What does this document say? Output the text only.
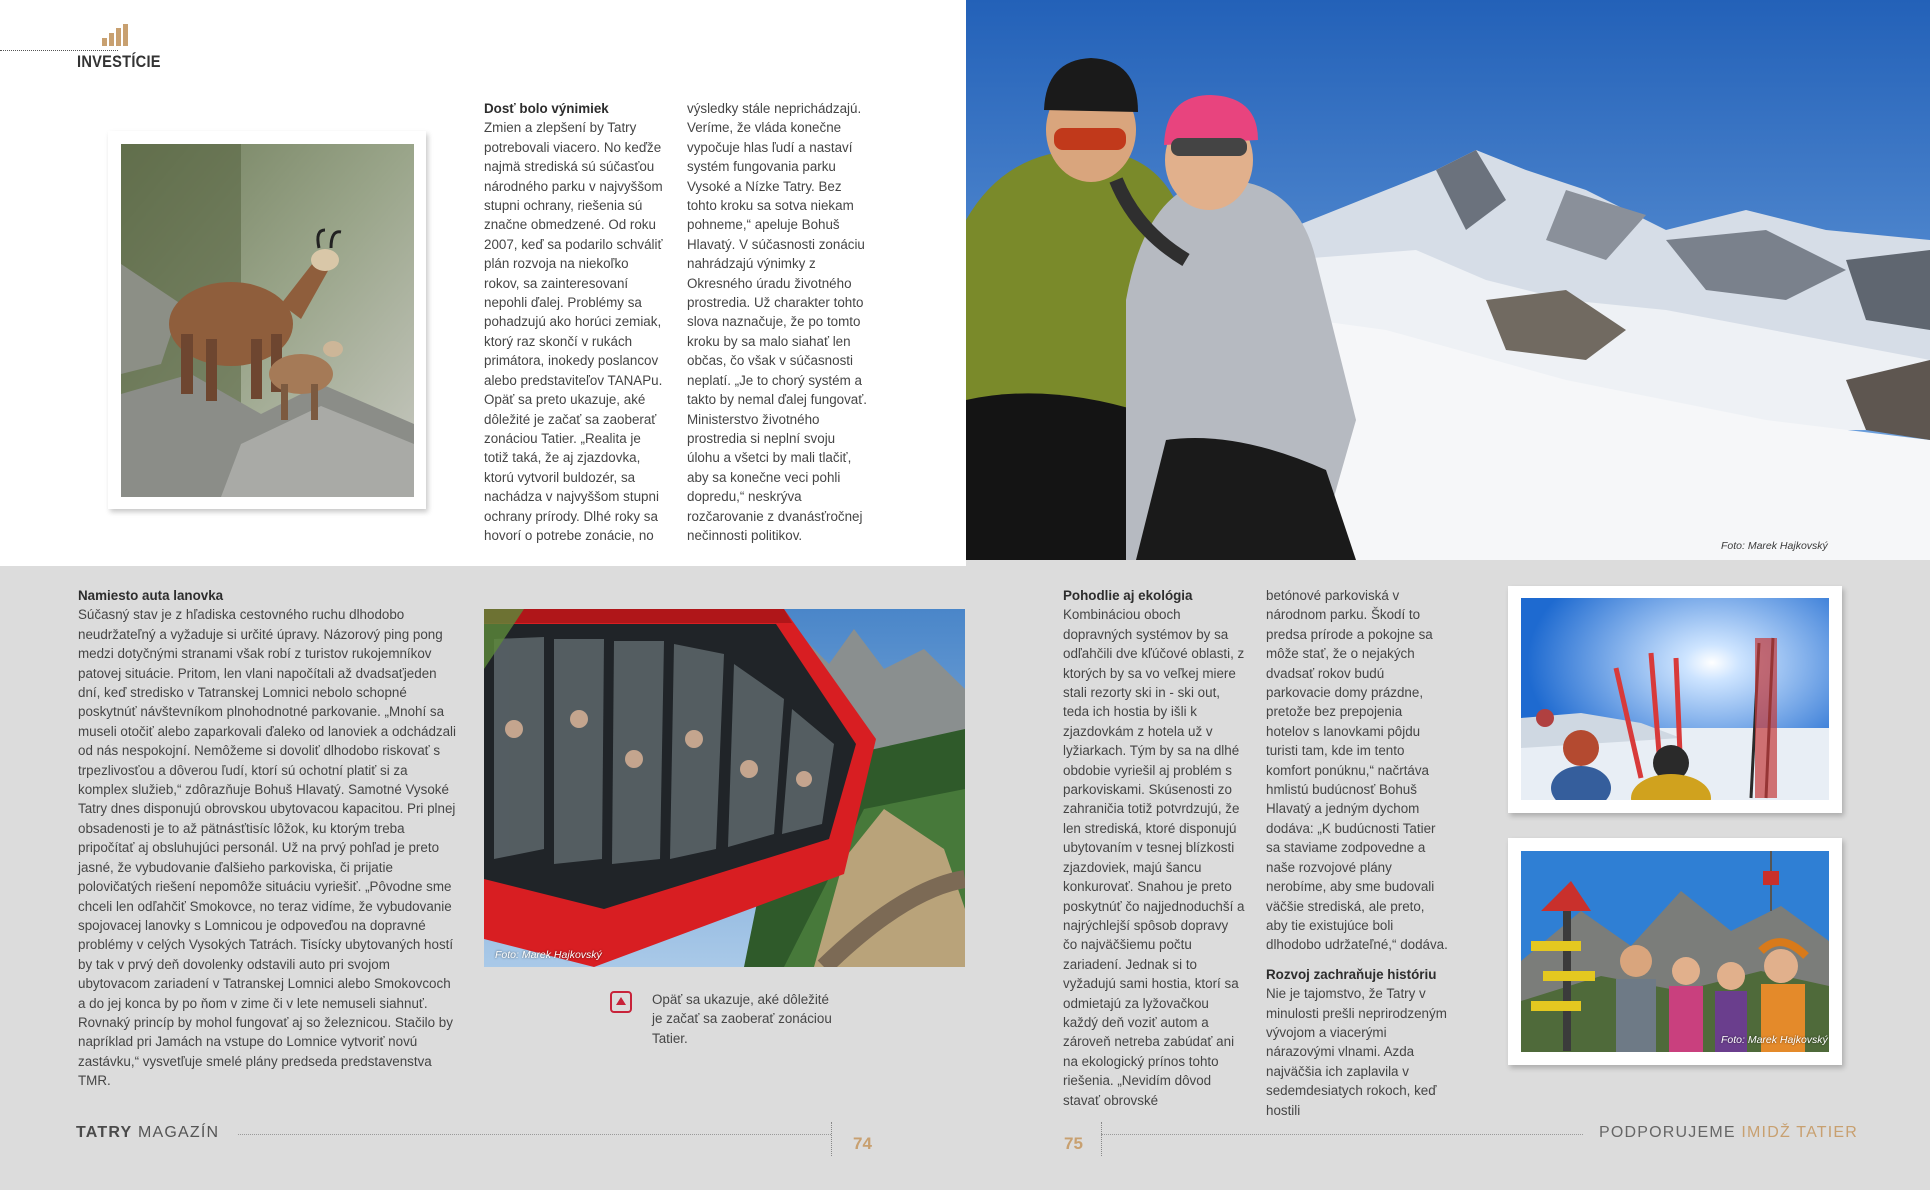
INVESTÍCIE

Dosť bolo výnimiek

Zmien a zlepšení by Tatry potrebovali viacero. No keďže najmä strediská sú súčasťou národného parku v najvyššom stupni ochrany, riešenia sú značne obmedzené. Od roku 2007, keď sa podarilo schváliť plán rozvoja na niekoľko rokov, sa zainteresovaní nepohli ďalej. Problémy sa pohadzujú ako horúci zemiak, ktorý raz skončí v rukách primátora, inokedy poslancov alebo predstaviteľov TANAPu. Opäť sa preto ukazuje, aké dôležité je začať sa zaoberať zonáciou Tatier. „Realita je totiž taká, že aj zjazdovka, ktorú vytvoril buldozér, sa nachádza v najvyššom stupni ochrany prírody. Dlhé roky sa hovorí o potrebe zonácie, no

výsledky stále neprichádzajú. Veríme, že vláda konečne vypočuje hlas ľudí a nastaví systém fungovania parku Vysoké a Nízke Tatry. Bez tohto kroku sa sotva niekam pohneme,“ apeluje Bohuš Hlavatý. V súčasnosti zonáciu nahrádzajú výnimky z Okresného úradu životného prostredia. Už charakter tohto slova naznačuje, že po tomto kroku by sa malo siahať len občas, čo však v súčasnosti neplatí. „Je to chorý systém a takto by nemal ďalej fungovať. Ministerstvo životného prostredia si neplní svoju úlohu a všetci by mali tlačiť, aby sa konečne veci pohli dopredu,“ neskrýva rozčarovanie z dvanásťročnej nečinnosti politikov.

Foto: Marek Hajkovský

Namiesto auta lanovka

Súčasný stav je z hľadiska cestovného ruchu dlhodobo neudržateľný a vyžaduje si určité úpravy. Názorový ping pong medzi dotyčnými stranami však robí z turistov rukojemníkov patovej situácie. Pritom, len vlani napočítali až dvadsaťjeden dní, keď stredisko v Tatranskej Lomnici nebolo schopné poskytnúť návštevníkom plnohodnotné parkovanie. „Mnohí sa museli otočiť alebo zaparkovali ďaleko od lanoviek a odchádzali od nás nespokojní. Nemôžeme si dovoliť dlhodobo riskovať s trpezlivosťou a dôverou ľudí, ktorí sú ochotní platiť si za komplex služieb,“ zdôrazňuje Bohuš Hlavatý. Samotné Vysoké Tatry dnes disponujú obrovskou ubytovacou kapacitou. Pri plnej obsadenosti je to až pätnásťtisíc lôžok, ku ktorým treba pripočítať aj obsluhujúci personál. Už na prvý pohľad je preto jasné, že vybudovanie ďalšieho parkoviska, či prijatie polovičatých riešení nepomôže situáciu vyriešiť. „Pôvodne sme chceli len odľahčiť Smokovce, no teraz vidíme, že vybudovanie spojovacej lanovky s Lomnicou je odpoveďou na dopravné problémy v celých Vysokých Tatrách. Tisícky ubytovaných hostí by tak v prvý deň dovolenky odstavili auto pri svojom ubytovacom zariadení v Tatranskej Lomnici alebo Smokovcoch a do jej konca by po ňom v zime či v lete nemuseli siahnuť. Rovnaký princíp by mohol fungovať aj so železnicou. Stačilo by napríklad pri Jamách na vstupe do Lomnice vytvoriť novú zastávku,“ vysvetľuje smelé plány predseda predstavenstva TMR.

Foto: Marek Hajkovský

Opäť sa ukazuje, aké dôležité je začať sa zaoberať zonáciou Tatier.

Pohodlie aj ekológia

Kombináciou oboch dopravných systémov by sa odľahčili dve kľúčové oblasti, z ktorých by sa vo veľkej miere stali rezorty ski in - ski out, teda ich hostia by išli k zjazdovkám z hotela už v lyžiarkach. Tým by sa na dlhé obdobie vyriešil aj problém s parkoviskami. Skúsenosti zo zahraničia totiž potvrdzujú, že len strediská, ktoré disponujú ubytovaním v tesnej blízkosti zjazdoviek, majú šancu konkurovať. Snahou je preto poskytnúť čo najjednoduchší a najrýchlejší spôsob dopravy čo najväčšiemu počtu zariadení. Jednak si to vyžadujú sami hostia, ktorí sa odmietajú za lyžovačkou každý deň voziť autom a zároveň netreba zabúdať ani na ekologický prínos tohto riešenia. „Nevidím dôvod stavať obrovské

betónové parkoviská v národnom parku. Škodí to predsa prírode a pokojne sa môže stať, že o nejakých dvadsať rokov budú parkovacie domy prázdne, pretože bez prepojenia hotelov s lanovkami pôjdu turisti tam, kde im tento komfort ponúknu,“ načrtáva hmlistú budúcnosť Bohuš Hlavatý a jedným dychom dodáva: „K budúcnosti Tatier sa staviame zodpovedne a naše rozvojové plány nerobíme, aby sme budovali väčšie strediská, ale preto, aby tie existujúce boli dlhodobo udržateľné,“ dodáva.

Rozvoj zachraňuje históriu

Nie je tajomstvo, že Tatry v minulosti prešli neprirodzeným vývojom a viacerými nárazovými vlnami. Azda najväčšia ich zaplavila v sedemdesiatych rokoch, keď hostili

Foto: Marek Hajkovský
TATRY MAGAZÍN
74	75
PODPORUJEME IMIDŽ TATIER
